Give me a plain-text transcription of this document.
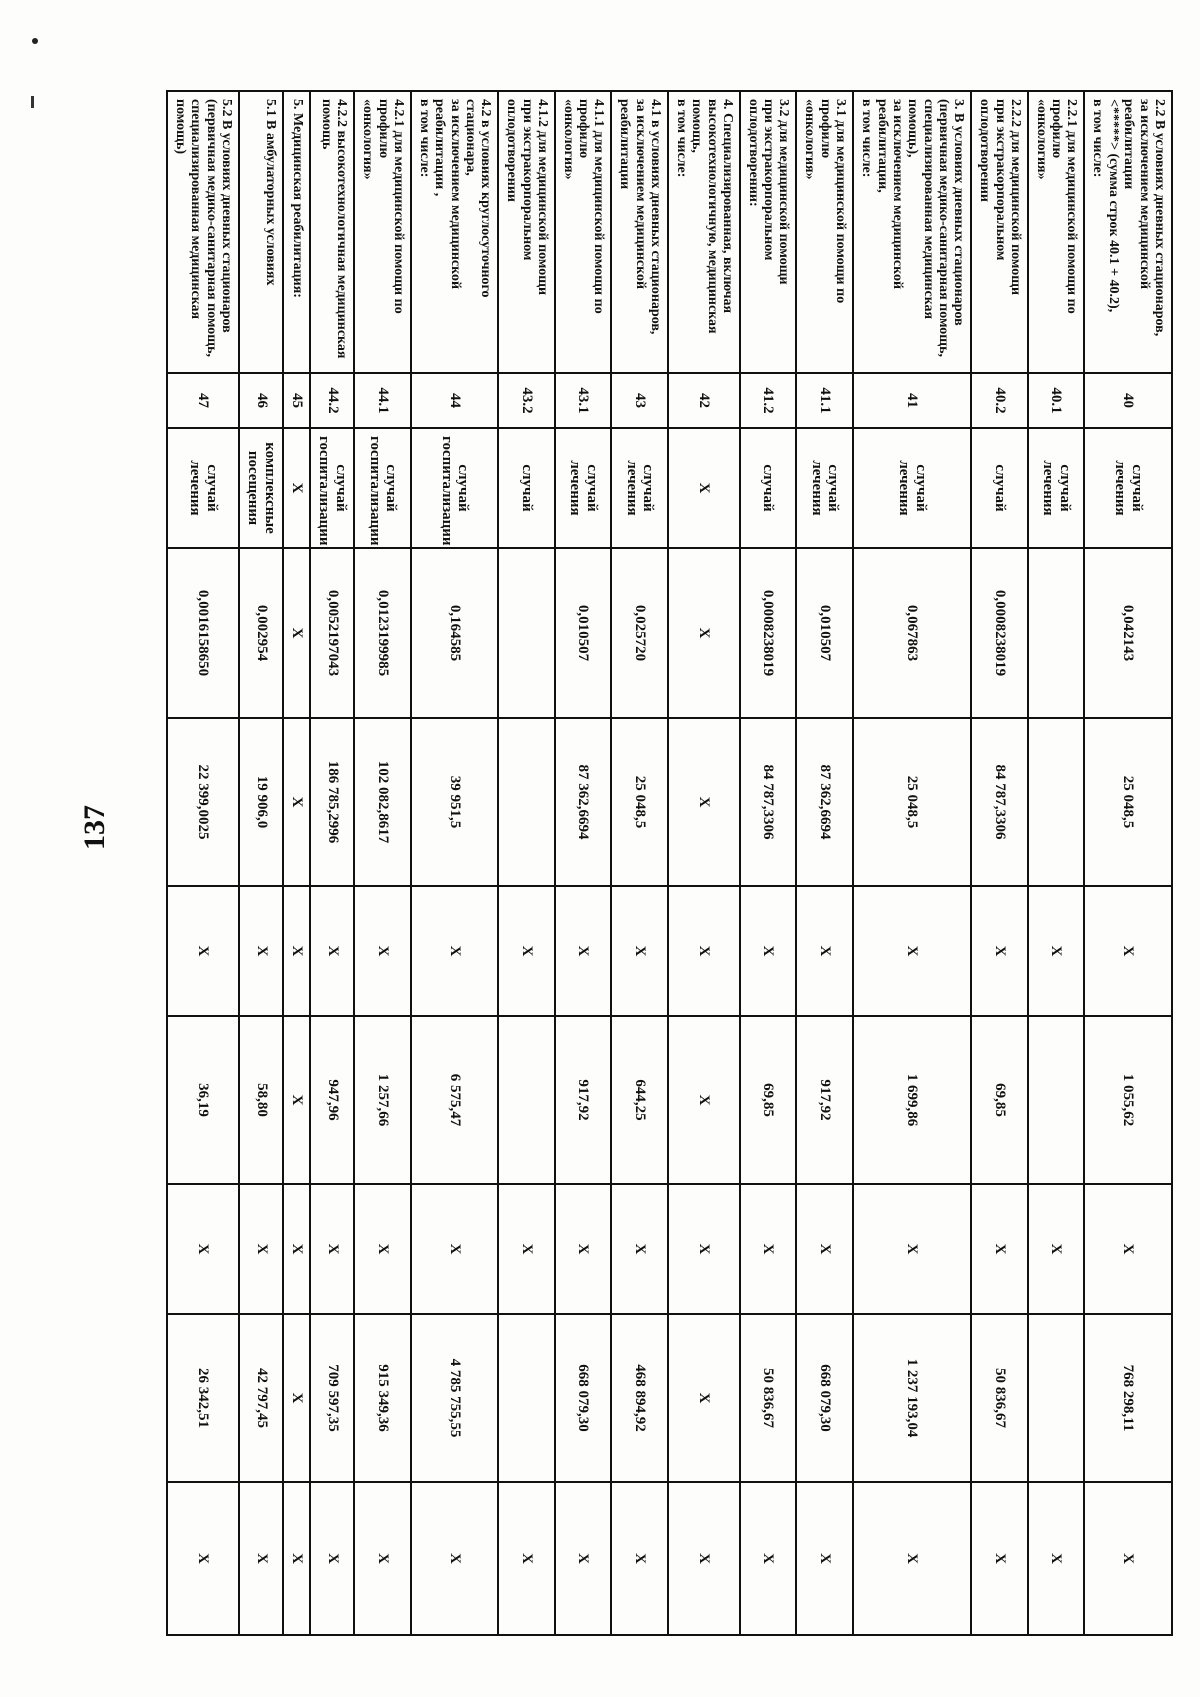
137
2.2 В условиях дневных стационаров,
за исключением медицинской реабилитации
<*****> (сумма строк 40.1 + 40.2),
в том числе:	40	случай лечения	0,042143	25 048,5	X	1 055,62	X	768 298,11	X
2.2.1 для медицинской помощи по профилю
«онкология»	40.1	случай лечения			X		X		X
2.2.2 для медицинской помощи
при экстракорпоральном оплодотворении	40.2	случай	0,0008238019	84 787,3306	X	69,85	X	50 836,67	X
3. В условиях дневных стационаров
(первичная медико-санитарная помощь,
специализированная медицинская помощь),
за исключением медицинской реабилитации,
в том числе:	41	случай лечения	0,067863	25 048,5	X	1 699,86	X	1 237 193,04	X
3.1 для медицинской помощи по профилю
«онкология»	41.1	случай лечения	0,010507	87 362,6694	X	917,92	X	668 079,30	X
3.2 для медицинской помощи
при экстракорпоральном оплодотворении:	41.2	случай	0,0008238019	84 787,3306	X	69,85	X	50 836,67	X
4. Специализированная, включая
высокотехнологичную, медицинская помощь,
в том числе:	42	X	X	X	X	X	X	X	X
4.1 в условиях дневных стационаров,
за исключением медицинской реабилитации	43	случай лечения	0,025720	25 048,5	X	644,25	X	468 894,92	X
4.1.1 для медицинской помощи по профилю
«онкология»	43.1	случай лечения	0,010507	87 362,6694	X	917,92	X	668 079,30	X
4.1.2 для медицинской помощи
при экстракорпоральном оплодотворении	43.2	случай			X		X		X
4.2 в условиях круглосуточного стационара,
за исключением медицинской реабилитации ,
в том числе:	44	случай
госпитализации	0,164585	39 951,5	X	6 575,47	X	4 785 755,55	X
4.2.1 для медицинской помощи по профилю
«онкология»	44.1	случай
госпитализации	0,0123199985	102 082,8617	X	1 257,66	X	915 349,36	X
4.2.2 высокотехнологичная медицинская
помощь	44.2	случай
госпитализации	0,0052197043	186 785,2996	X	947,96	X	709 597,35	X
5. Медицинская реабилитация:	45	X	X	X	X	X	X	X	X
5.1 В амбулаторных условиях	46	комплексные
посещения	0,002954	19 906,0	X	58,80	X	42 797,45	X
5.2 В условиях дневных стационаров
(первичная медико-санитарная помощь,
специализированная медицинская помощь)	47	случай лечения	0,0016158650	22 399,0025	X	36,19	X	26 342,51	X
